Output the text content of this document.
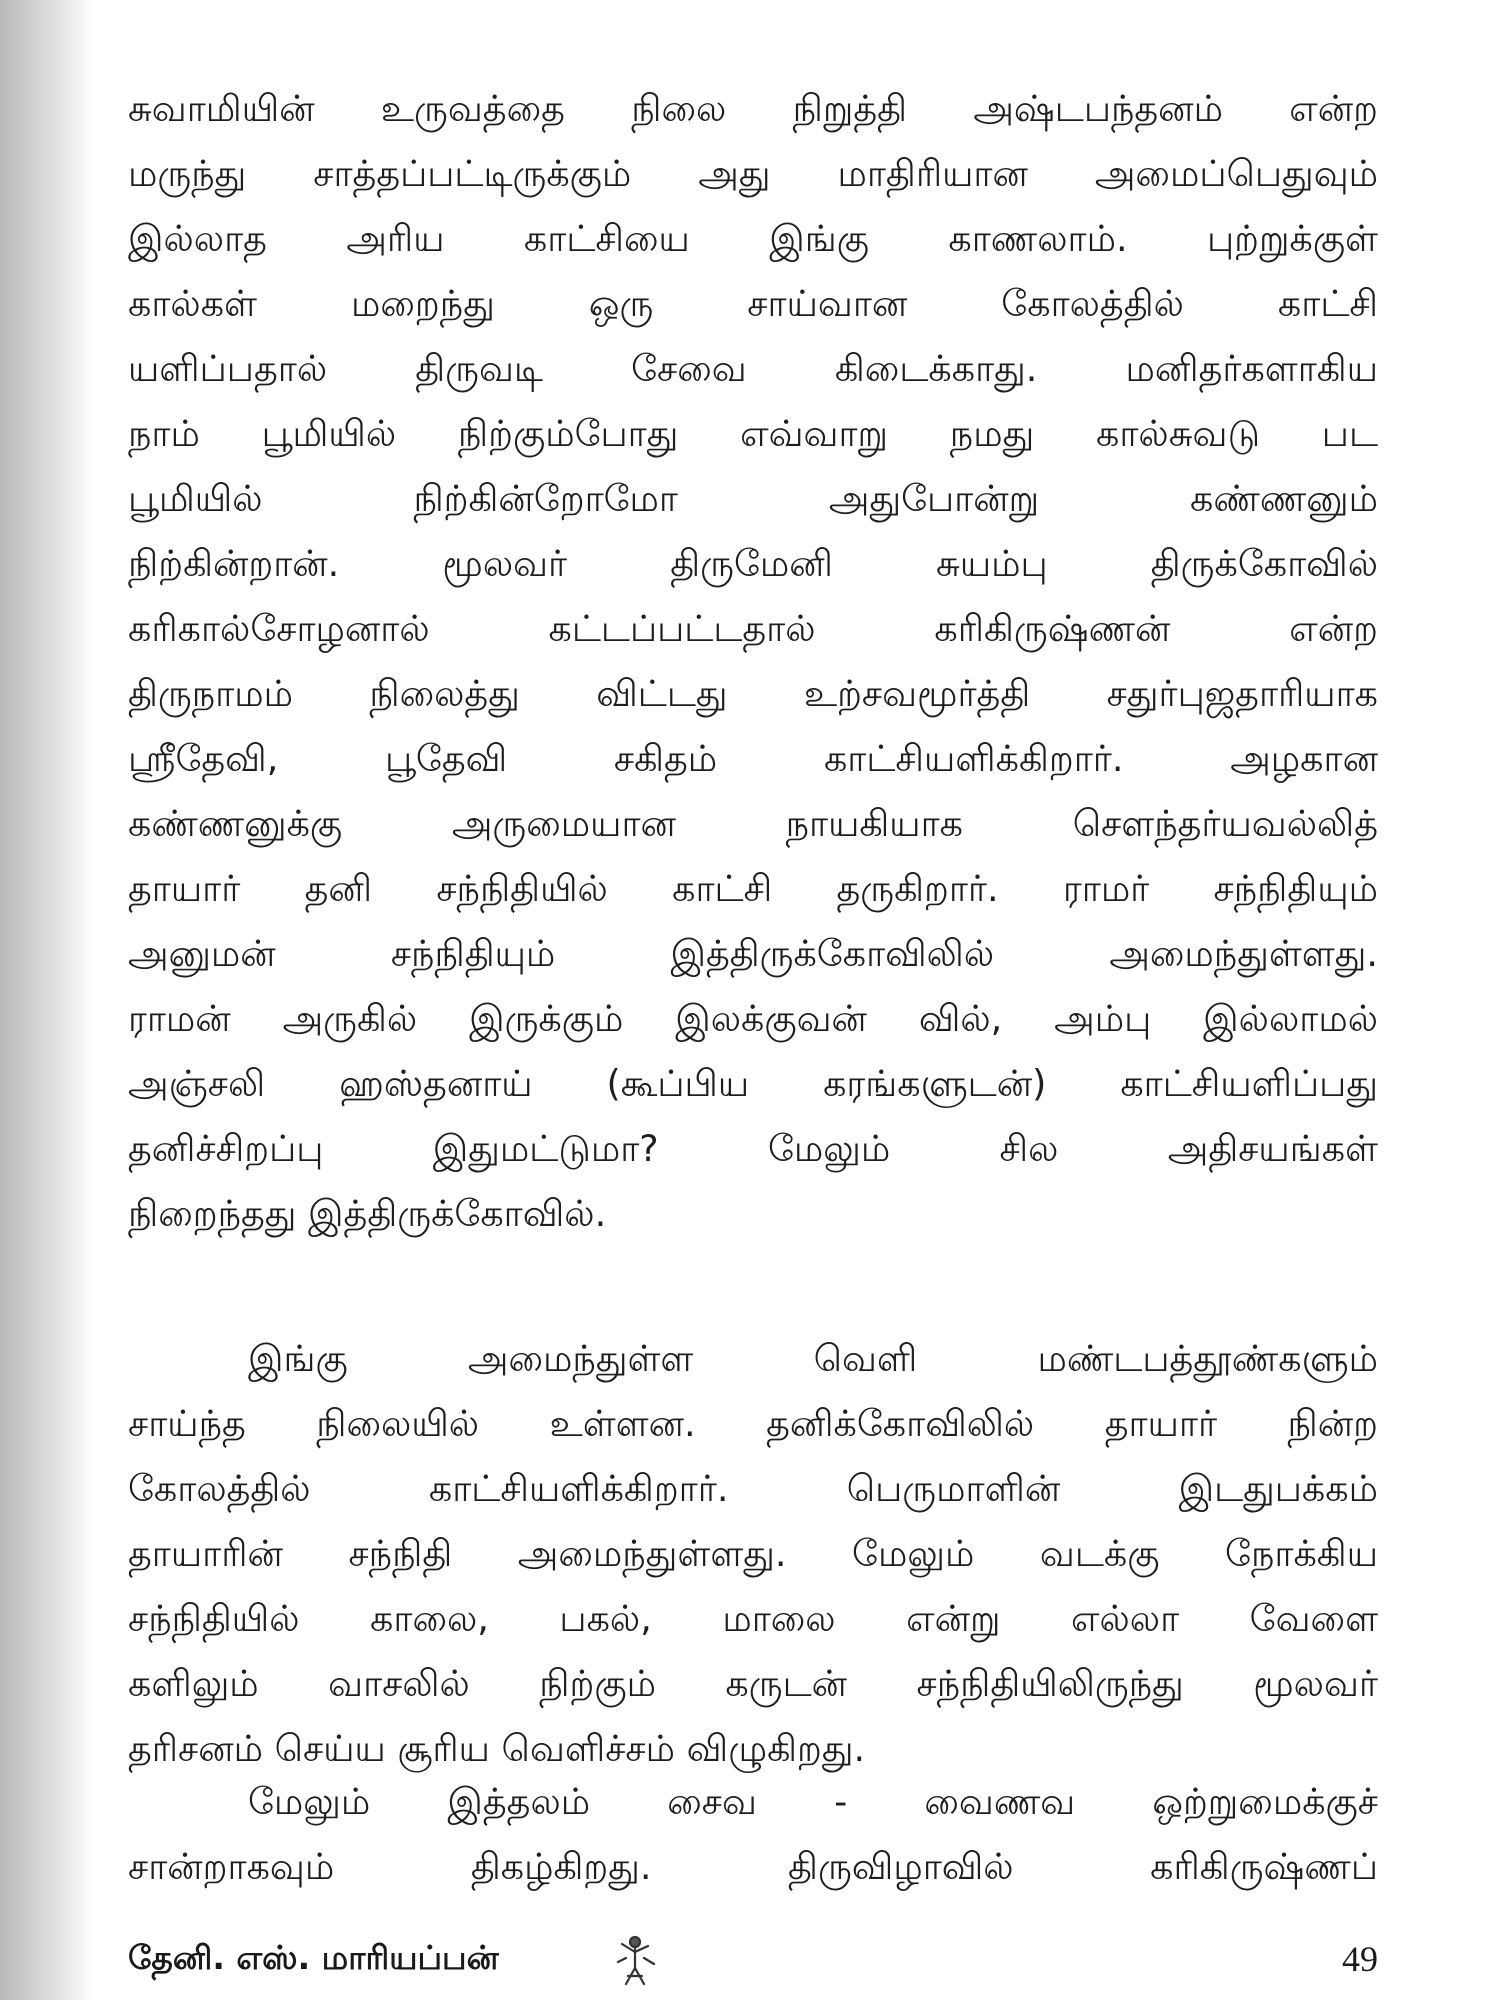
சுவாமியின் உருவத்தை நிலை நிறுத்தி அஷ்டபந்தனம் என்ற
மருந்து சாத்தப்பட்டிருக்கும் அது மாதிரியான அமைப்பெதுவும்
இல்லாத அரிய காட்சியை இங்கு காணலாம். புற்றுக்குள்
கால்கள் மறைந்து ஒரு சாய்வான கோலத்தில் காட்சி
யளிப்பதால் திருவடி சேவை கிடைக்காது. மனிதர்களாகிய
நாம் பூமியில் நிற்கும்போது எவ்வாறு நமது கால்சுவடு பட
பூமியில் நிற்கின்றோமோ அதுபோன்று கண்ணனும்
நிற்கின்றான். மூலவர் திருமேனி சுயம்பு திருக்கோவில்
கரிகால்சோழனால் கட்டப்பட்டதால் கரிகிருஷ்ணன் என்ற
திருநாமம் நிலைத்து விட்டது உற்சவமூர்த்தி சதுர்புஜதாரியாக
ஸ்ரீதேவி, பூதேவி சகிதம் காட்சியளிக்கிறார். அழகான
கண்ணனுக்கு அருமையான நாயகியாக சௌந்தர்யவல்லித்
தாயார் தனி சந்நிதியில் காட்சி தருகிறார். ராமர் சந்நிதியும்
அனுமன் சந்நிதியும் இத்திருக்கோவிலில் அமைந்துள்ளது.
ராமன் அருகில் இருக்கும் இலக்குவன் வில், அம்பு இல்லாமல்
அஞ்சலி ஹஸ்தனாய் (கூப்பிய கரங்களுடன்) காட்சியளிப்பது
தனிச்சிறப்பு இதுமட்டுமா? மேலும் சில அதிசயங்கள்
நிறைந்தது இத்திருக்கோவில்.

இங்கு அமைந்துள்ள வெளி மண்டபத்தூண்களும்
சாய்ந்த நிலையில் உள்ளன. தனிக்கோவிலில் தாயார் நின்ற
கோலத்தில் காட்சியளிக்கிறார். பெருமாளின் இடதுபக்கம்
தாயாரின் சந்நிதி அமைந்துள்ளது. மேலும் வடக்கு நோக்கிய
சந்நிதியில் காலை, பகல், மாலை என்று எல்லா வேளை
களிலும் வாசலில் நிற்கும் கருடன் சந்நிதியிலிருந்து மூலவர்
தரிசனம் செய்ய சூரிய வெளிச்சம் விழுகிறது.

மேலும் இத்தலம் சைவ - வைணவ ஒற்றுமைக்குச்
சான்றாகவும் திகழ்கிறது. திருவிழாவில் கரிகிருஷ்ணப்

தேனி. எஸ். மாரியப்பன்	49
